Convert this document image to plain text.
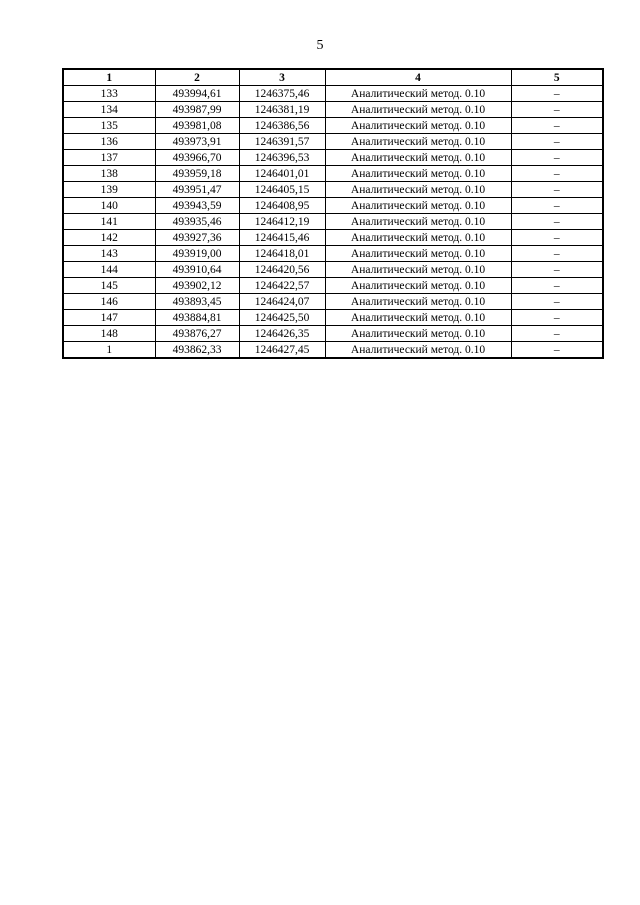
5
1	2	3	4	5
133	493994,61	1246375,46	Аналитический метод. 0.10	–
134	493987,99	1246381,19	Аналитический метод. 0.10	–
135	493981,08	1246386,56	Аналитический метод. 0.10	–
136	493973,91	1246391,57	Аналитический метод. 0.10	–
137	493966,70	1246396,53	Аналитический метод. 0.10	–
138	493959,18	1246401,01	Аналитический метод. 0.10	–
139	493951,47	1246405,15	Аналитический метод. 0.10	–
140	493943,59	1246408,95	Аналитический метод. 0.10	–
141	493935,46	1246412,19	Аналитический метод. 0.10	–
142	493927,36	1246415,46	Аналитический метод. 0.10	–
143	493919,00	1246418,01	Аналитический метод. 0.10	–
144	493910,64	1246420,56	Аналитический метод. 0.10	–
145	493902,12	1246422,57	Аналитический метод. 0.10	–
146	493893,45	1246424,07	Аналитический метод. 0.10	–
147	493884,81	1246425,50	Аналитический метод. 0.10	–
148	493876,27	1246426,35	Аналитический метод. 0.10	–
1	493862,33	1246427,45	Аналитический метод. 0.10	–
